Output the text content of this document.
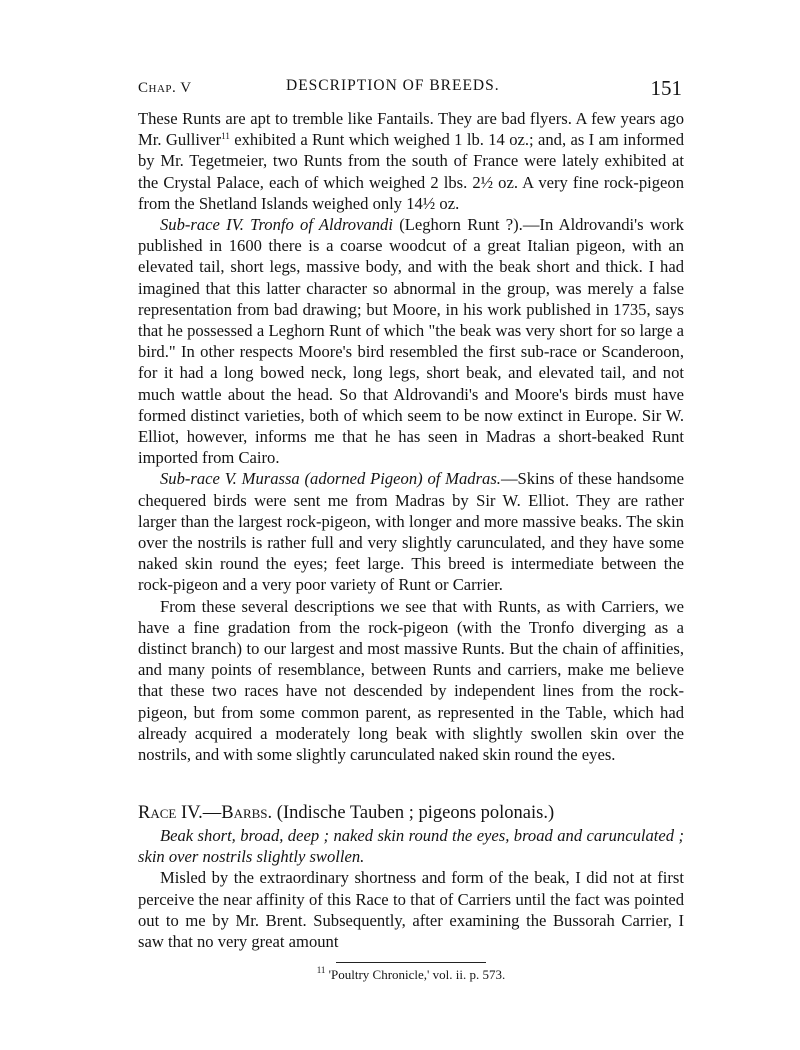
Chap. V	DESCRIPTION OF BREEDS.	151

These Runts are apt to tremble like Fantails. They are bad flyers. A few years ago Mr. Gulliver$^{11}$ exhibited a Runt which weighed 1 lb. 14 oz.; and, as I am informed by Mr. Tegetmeier, two Runts from the south of France were lately exhibited at the Crystal Palace, each of which weighed 2 lbs. 2½ oz. A very fine rock-pigeon from the Shetland Islands weighed only 14½ oz.

Sub-race IV. Tronfo of Aldrovandi (Leghorn Runt ?).—In Aldrovandi's work published in 1600 there is a coarse woodcut of a great Italian pigeon, with an elevated tail, short legs, massive body, and with the beak short and thick. I had imagined that this latter character so abnormal in the group, was merely a false representation from bad drawing; but Moore, in his work published in 1735, says that he possessed a Leghorn Runt of which "the beak was very short for so large a bird." In other respects Moore's bird resembled the first sub-race or Scanderoon, for it had a long bowed neck, long legs, short beak, and elevated tail, and not much wattle about the head. So that Aldrovandi's and Moore's birds must have formed distinct varieties, both of which seem to be now extinct in Europe. Sir W. Elliot, however, informs me that he has seen in Madras a short-beaked Runt imported from Cairo.

Sub-race V. Murassa (adorned Pigeon) of Madras.—Skins of these handsome chequered birds were sent me from Madras by Sir W. Elliot. They are rather larger than the largest rock-pigeon, with longer and more massive beaks. The skin over the nostrils is rather full and very slightly carunculated, and they have some naked skin round the eyes; feet large. This breed is intermediate between the rock-pigeon and a very poor variety of Runt or Carrier.

From these several descriptions we see that with Runts, as with Carriers, we have a fine gradation from the rock-pigeon (with the Tronfo diverging as a distinct branch) to our largest and most massive Runts. But the chain of affinities, and many points of resemblance, between Runts and carriers, make me believe that these two races have not descended by independent lines from the rock-pigeon, but from some common parent, as represented in the Table, which had already acquired a moderately long beak with slightly swollen skin over the nostrils, and with some slightly carunculated naked skin round the eyes.

Race IV.—Barbs. (Indische Tauben ; pigeons polonais.)

Beak short, broad, deep ; naked skin round the eyes, broad and carunculated ; skin over nostrils slightly swollen.

Misled by the extraordinary shortness and form of the beak, I did not at first perceive the near affinity of this Race to that of Carriers until the fact was pointed out to me by Mr. Brent. Subsequently, after examining the Bussorah Carrier, I saw that no very great amount

$^{11}$ 'Poultry Chronicle,' vol. ii. p. 573.
